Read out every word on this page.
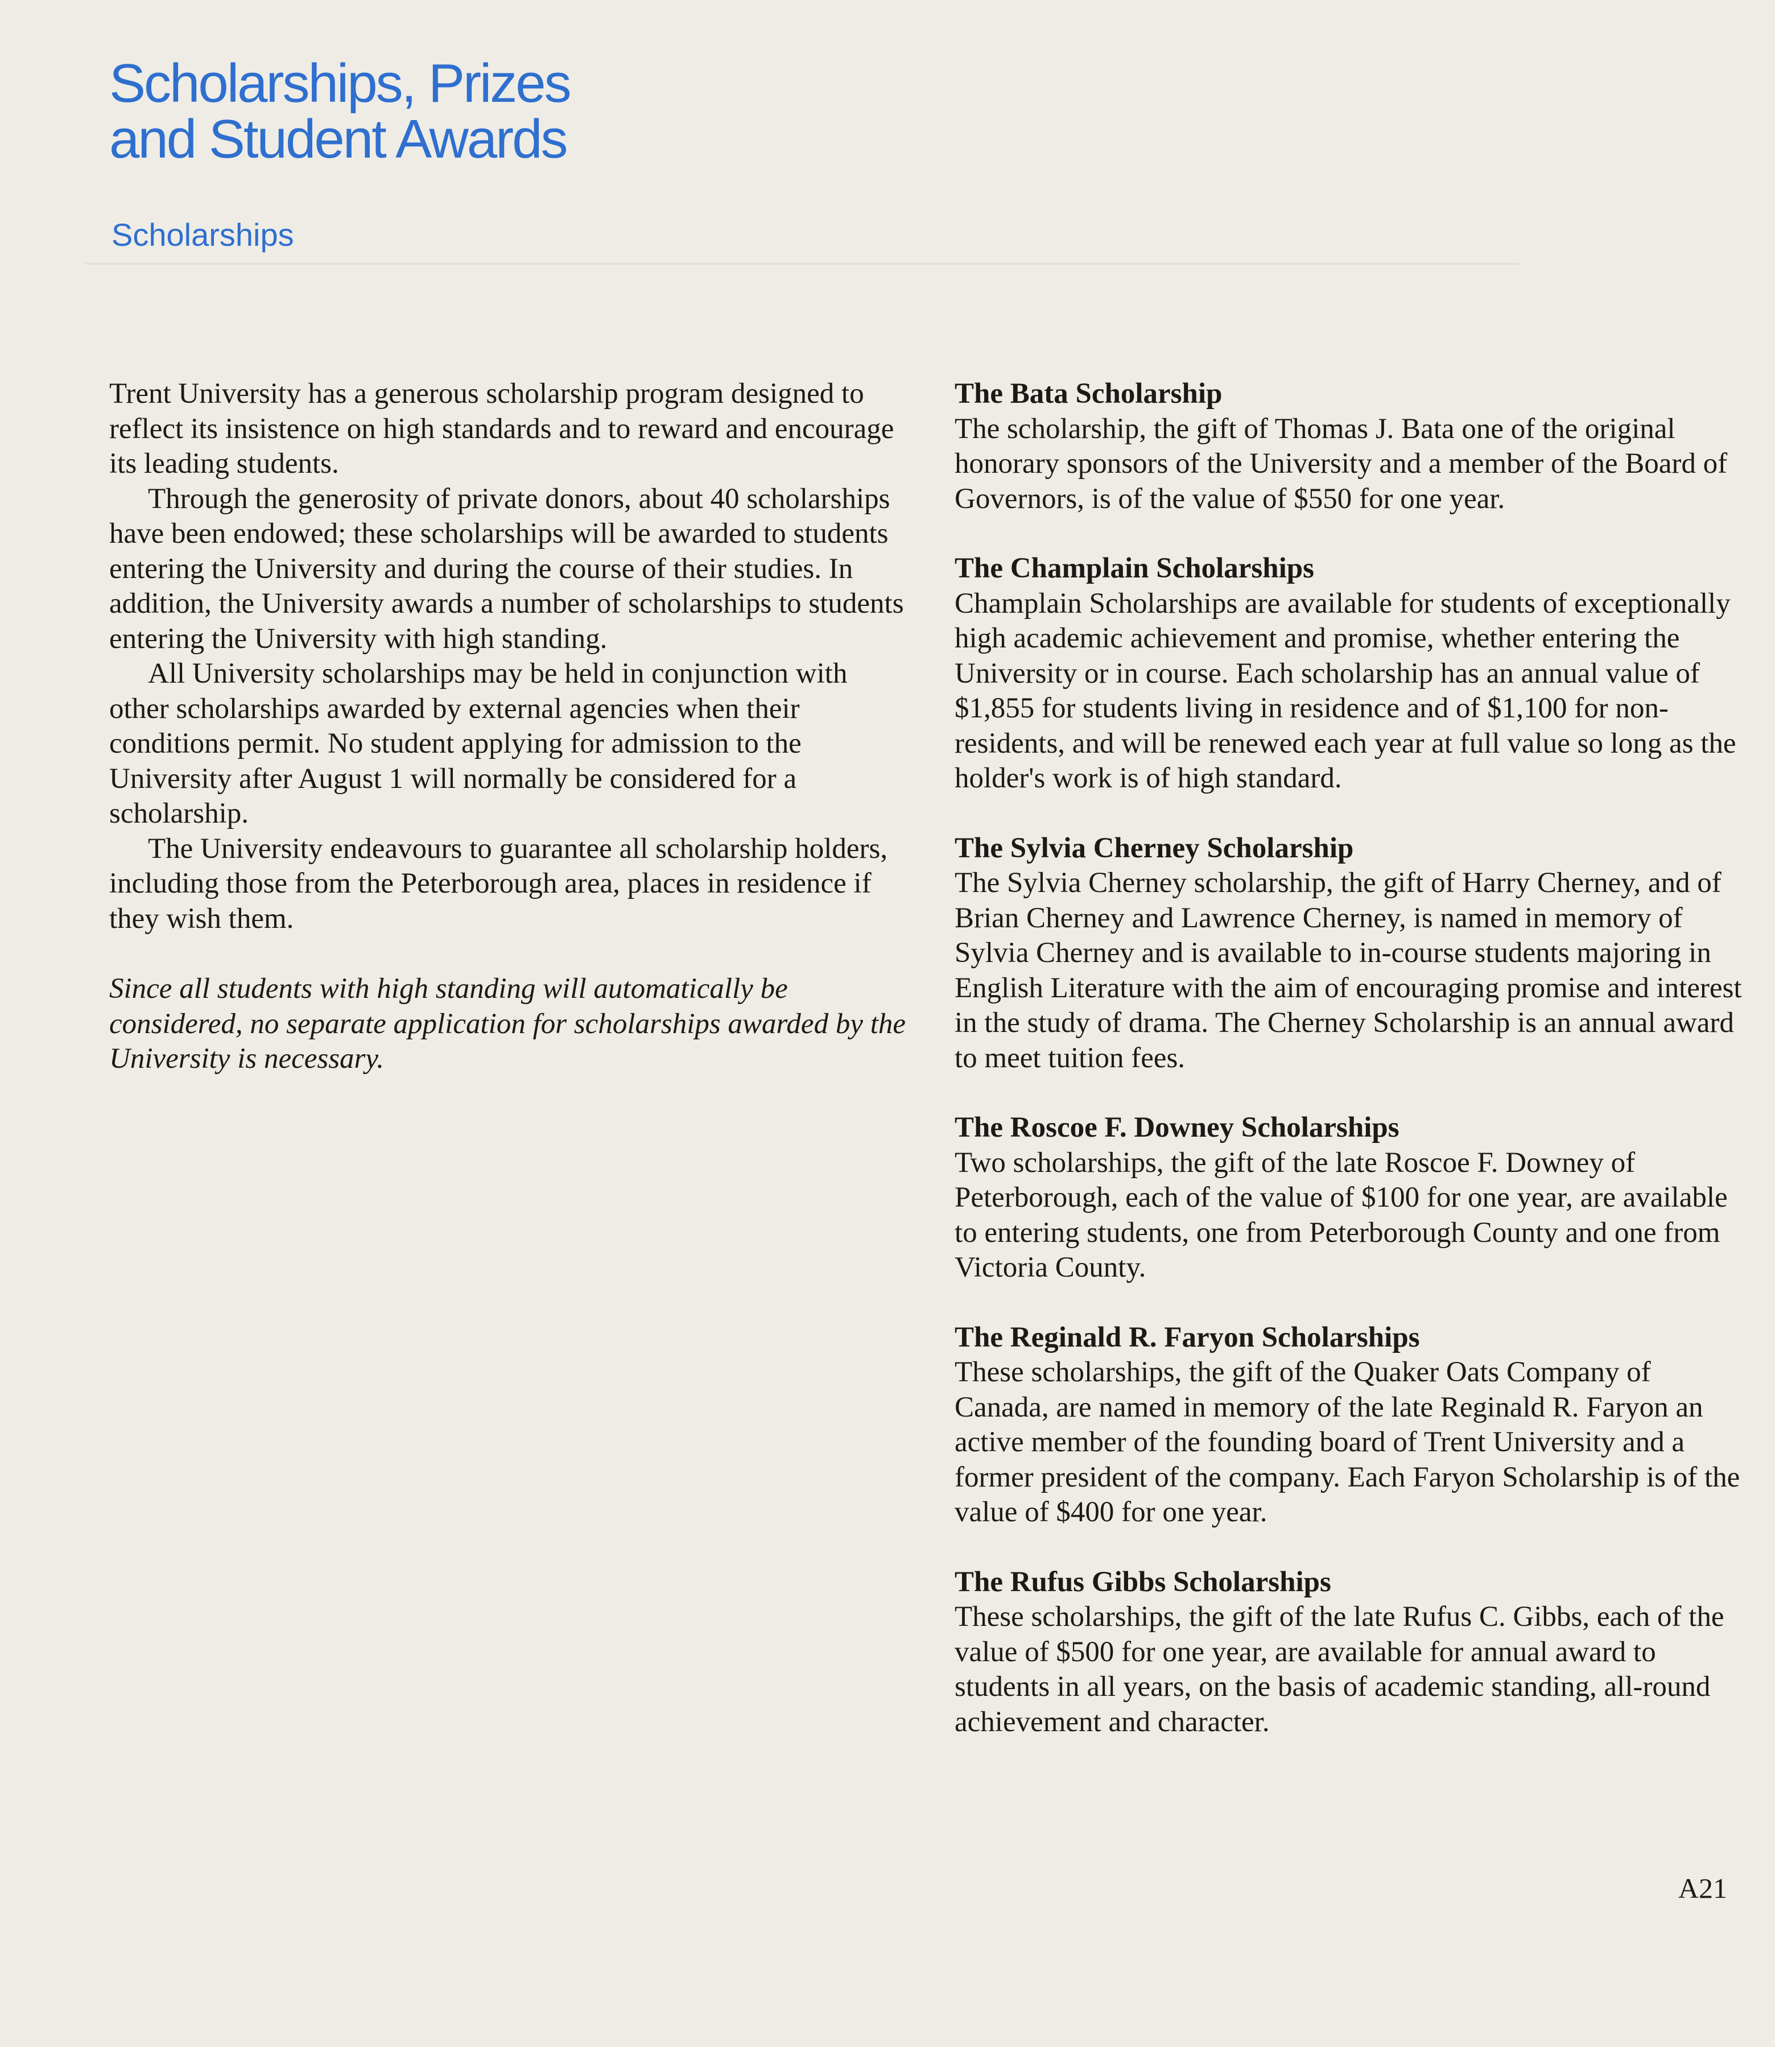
Scholarships, Prizes
and Student Awards
Scholarships

Trent University has a generous scholarship program designed to reflect its insistence on high standards and to reward and encourage its leading students.

Through the generosity of private donors, about 40 scholarships have been endowed; these scholarships will be awarded to students entering the University and during the course of their studies. In addition, the University awards a number of scholarships to students entering the University with high standing.

All University scholarships may be held in conjunction with other scholarships awarded by external agencies when their conditions permit. No student applying for admission to the University after August 1 will normally be considered for a scholarship.

The University endeavours to guarantee all scholarship holders, including those from the Peterborough area, places in residence if they wish them.

Since all students with high standing will automatically be considered, no separate application for scholarships awarded by the University is necessary.

The Bata Scholarship

The scholarship, the gift of Thomas J. Bata one of the original honorary sponsors of the University and a member of the Board of Governors, is of the value of $550 for one year.

The Champlain Scholarships

Champlain Scholarships are available for students of exceptionally high academic achievement and promise, whether entering the University or in course. Each scholarship has an annual value of $1,855 for students living in residence and of $1,100 for non-residents, and will be renewed each year at full value so long as the holder's work is of high standard.

The Sylvia Cherney Scholarship

The Sylvia Cherney scholarship, the gift of Harry Cherney, and of Brian Cherney and Lawrence Cherney, is named in memory of Sylvia Cherney and is available to in-course students majoring in English Literature with the aim of encouraging promise and interest in the study of drama. The Cherney Scholarship is an annual award to meet tuition fees.

The Roscoe F. Downey Scholarships

Two scholarships, the gift of the late Roscoe F. Downey of Peterborough, each of the value of $100 for one year, are available to entering students, one from Peterborough County and one from Victoria County.

The Reginald R. Faryon Scholarships

These scholarships, the gift of the Quaker Oats Company of Canada, are named in memory of the late Reginald R. Faryon an active member of the founding board of Trent University and a former president of the company. Each Faryon Scholarship is of the value of $400 for one year.

The Rufus Gibbs Scholarships

These scholarships, the gift of the late Rufus C. Gibbs, each of the value of $500 for one year, are available for annual award to students in all years, on the basis of academic standing, all-round achievement and character.

A21
